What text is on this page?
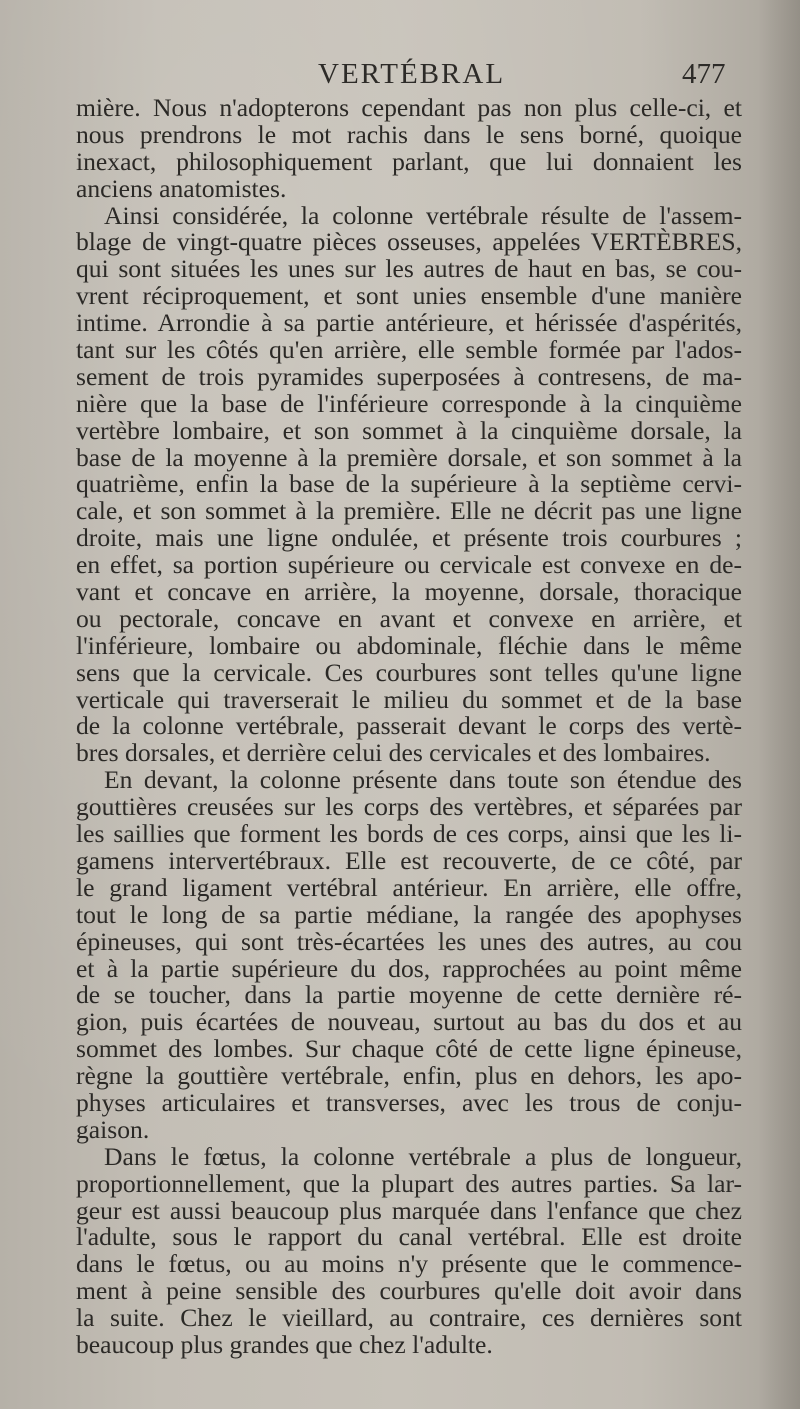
VERTÉBRAL	477
mière. Nous n'adopterons cependant pas non plus celle-ci, et
nous prendrons le mot rachis dans le sens borné, quoique
inexact, philosophiquement parlant, que lui donnaient les
anciens anatomistes.
Ainsi considérée, la colonne vertébrale résulte de l'assem-
blage de vingt-quatre pièces osseuses, appelées VERTÈBRES,
qui sont situées les unes sur les autres de haut en bas, se cou-
vrent réciproquement, et sont unies ensemble d'une manière
intime. Arrondie à sa partie antérieure, et hérissée d'aspérités,
tant sur les côtés qu'en arrière, elle semble formée par l'ados-
sement de trois pyramides superposées à contresens, de ma-
nière que la base de l'inférieure corresponde à la cinquième
vertèbre lombaire, et son sommet à la cinquième dorsale, la
base de la moyenne à la première dorsale, et son sommet à la
quatrième, enfin la base de la supérieure à la septième cervi-
cale, et son sommet à la première. Elle ne décrit pas une ligne
droite, mais une ligne ondulée, et présente trois courbures ;
en effet, sa portion supérieure ou cervicale est convexe en de-
vant et concave en arrière, la moyenne, dorsale, thoracique
ou pectorale, concave en avant et convexe en arrière, et
l'inférieure, lombaire ou abdominale, fléchie dans le même
sens que la cervicale. Ces courbures sont telles qu'une ligne
verticale qui traverserait le milieu du sommet et de la base
de la colonne vertébrale, passerait devant le corps des vertè-
bres dorsales, et derrière celui des cervicales et des lombaires.
En devant, la colonne présente dans toute son étendue des
gouttières creusées sur les corps des vertèbres, et séparées par
les saillies que forment les bords de ces corps, ainsi que les li-
gamens intervertébraux. Elle est recouverte, de ce côté, par
le grand ligament vertébral antérieur. En arrière, elle offre,
tout le long de sa partie médiane, la rangée des apophyses
épineuses, qui sont très-écartées les unes des autres, au cou
et à la partie supérieure du dos, rapprochées au point même
de se toucher, dans la partie moyenne de cette dernière ré-
gion, puis écartées de nouveau, surtout au bas du dos et au
sommet des lombes. Sur chaque côté de cette ligne épineuse,
règne la gouttière vertébrale, enfin, plus en dehors, les apo-
physes articulaires et transverses, avec les trous de conju-
gaison.
Dans le fœtus, la colonne vertébrale a plus de longueur,
proportionnellement, que la plupart des autres parties. Sa lar-
geur est aussi beaucoup plus marquée dans l'enfance que chez
l'adulte, sous le rapport du canal vertébral. Elle est droite
dans le fœtus, ou au moins n'y présente que le commence-
ment à peine sensible des courbures qu'elle doit avoir dans
la suite. Chez le vieillard, au contraire, ces dernières sont
beaucoup plus grandes que chez l'adulte.
